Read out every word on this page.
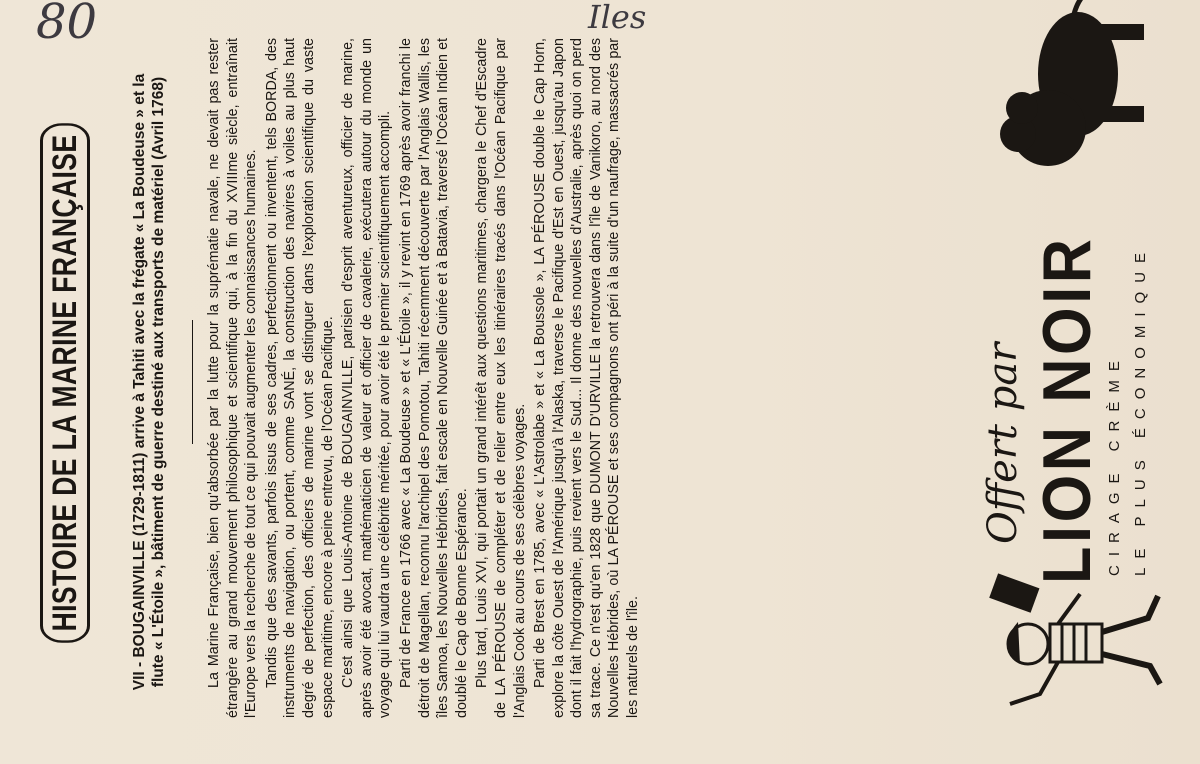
80	Iles
HISTOIRE DE LA MARINE FRANÇAISE	VII - BOUGAINVILLE (1729-1811) arrive à Tahiti avec la frégate « La Boudeuse » et la flute « L'Étoile », bâtiment de guerre destiné aux transports de matériel (Avril 1768)	La Marine Française, bien qu'absorbée par la lutte pour la suprématie navale, ne devait pas rester étrangère au grand mouvement philosophique et scientifique qui, à la fin du XVIIIme siècle, entraînait l'Europe vers la recherche de tout ce qui pouvait augmenter les connaissances humaines. Tandis que des savants, parfois issus de ses cadres, perfectionnent ou inventent, tels BORDA, des instruments de navigation, ou portent, comme SANÉ, la construction des navires à voiles au plus haut degré de perfection, des officiers de marine vont se distinguer dans l'exploration scientifique du vaste espace maritime, encore à peine entrevu, de l'Océan Pacifique. C'est ainsi que Louis-Antoine de BOUGAINVILLE, parisien d'esprit aventureux, officier de marine, après avoir été avocat, mathématicien de valeur et officier de cavalerie, exécutera autour du monde un voyage qui lui vaudra une célébrité méritée, pour avoir été le premier scientifiquement accompli. Parti de France en 1766 avec « La Boudeuse » et « L'Étoile », il y revint en 1769 après avoir franchi le détroit de Magellan, reconnu l'archipel des Pomotou, Tahiti récemment découverte par l'Anglais Wallis, les îles Samoa, les Nouvelles Hébrides, fait escale en Nouvelle Guinée et à Batavia, traversé l'Océan Indien et doublé le Cap de Bonne Espérance. Plus tard, Louis XVI, qui portait un grand intérêt aux questions maritimes, chargera le Chef d'Escadre de LA PÉROUSE de compléter et de relier entre eux les itinéraires tracés dans l'Océan Pacifique par l'Anglais Cook au cours de ses célèbres voyages. Parti de Brest en 1785, avec « L'Astrolabe » et « La Boussole », LA PÉROUSE double le Cap Horn, explore la côte Ouest de l'Amérique jusqu'à l'Alaska, traverse le Pacifique d'Est en Ouest, jusqu'au Japon dont il fait l'hydrographie, puis revient vers le Sud... Il donne des nouvelles d'Australie, après quoi on perd sa trace. Ce n'est qu'en 1828 que DUMONT D'URVILLE la retrouvera dans l'île de Vanikoro, au nord des Nouvelles Hébrides, où LA PÉROUSE et ses compagnons ont péri à la suite d'un naufrage, massacrés par les naturels de l'île.

Offert par LION NOIR CIRAGE CRÈME LE PLUS ÉCONOMIQUE
